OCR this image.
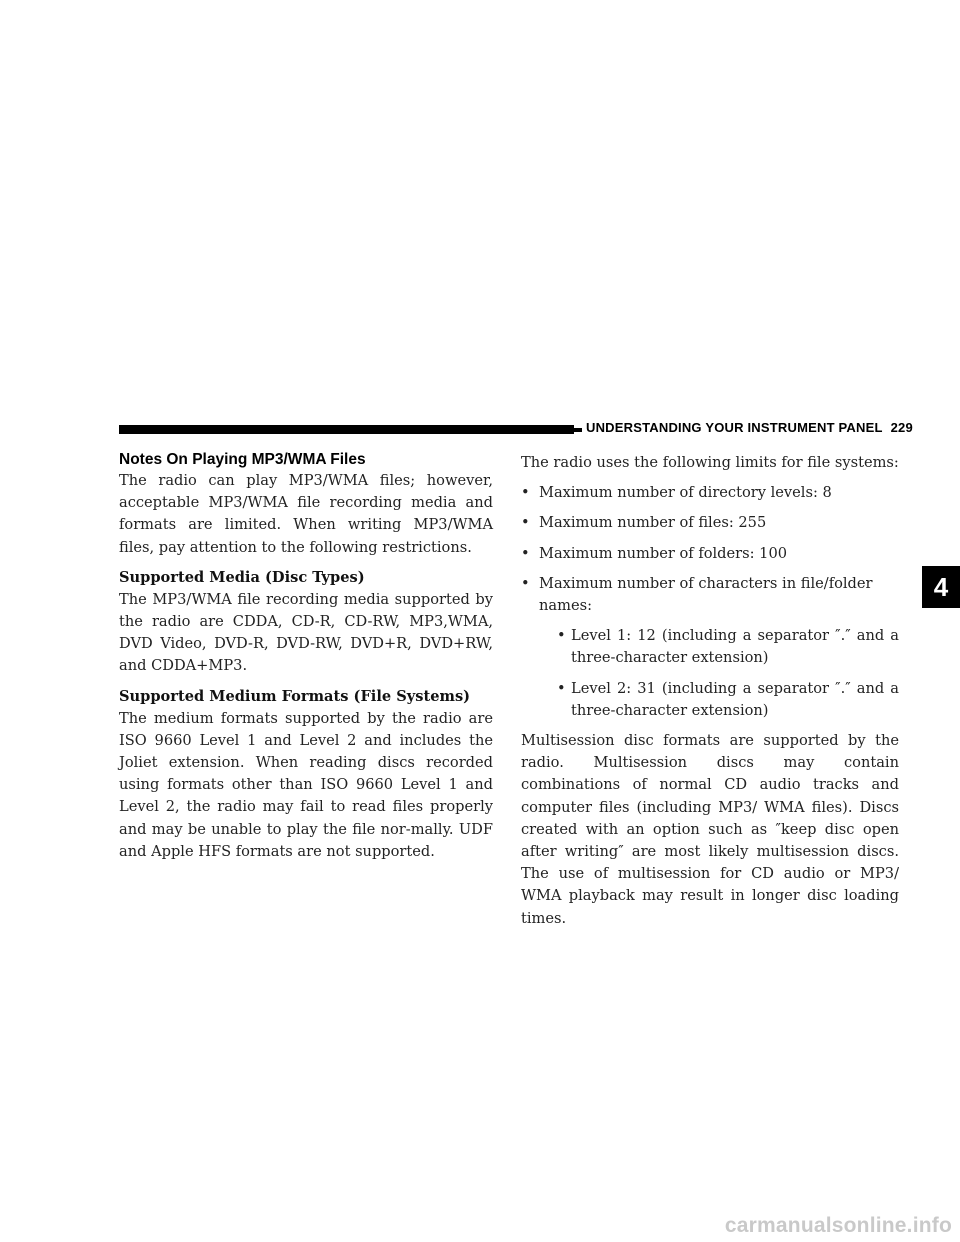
UNDERSTANDING YOUR INSTRUMENT PANEL 229
4
Notes On Playing MP3/WMA Files

The radio can play MP3/WMA files; however, acceptable MP3/WMA file recording media and formats are limited. When writing MP3/WMA files, pay attention to the following restrictions.

Supported Media (Disc Types)

The MP3/WMA file recording media supported by the radio are CDDA, CD-R, CD-RW, MP3,WMA, DVD Video, DVD-R, DVD-RW, DVD+R, DVD+RW, and CDDA+MP3.

Supported Medium Formats (File Systems)

The medium formats supported by the radio are ISO 9660 Level 1 and Level 2 and includes the Joliet extension. When reading discs recorded using formats other than ISO 9660 Level 1 and Level 2, the radio may fail to read files properly and may be unable to play the file nor-mally. UDF and Apple HFS formats are not supported.

The radio uses the following limits for file systems:

• Maximum number of directory levels: 8
• Maximum number of files: 255
• Maximum number of folders: 100
• Maximum number of characters in file/folder names:
• Level 1: 12 (including a separator ″.″ and a three-character extension)
• Level 2: 31 (including a separator ″.″ and a three-character extension)

Multisession disc formats are supported by the radio. Multisession discs may contain combinations of normal CD audio tracks and computer files (including MP3/ WMA files). Discs created with an option such as ″keep disc open after writing″ are most likely multisession discs. The use of multisession for CD audio or MP3/ WMA playback may result in longer disc loading times.

carmanualsonline.info
